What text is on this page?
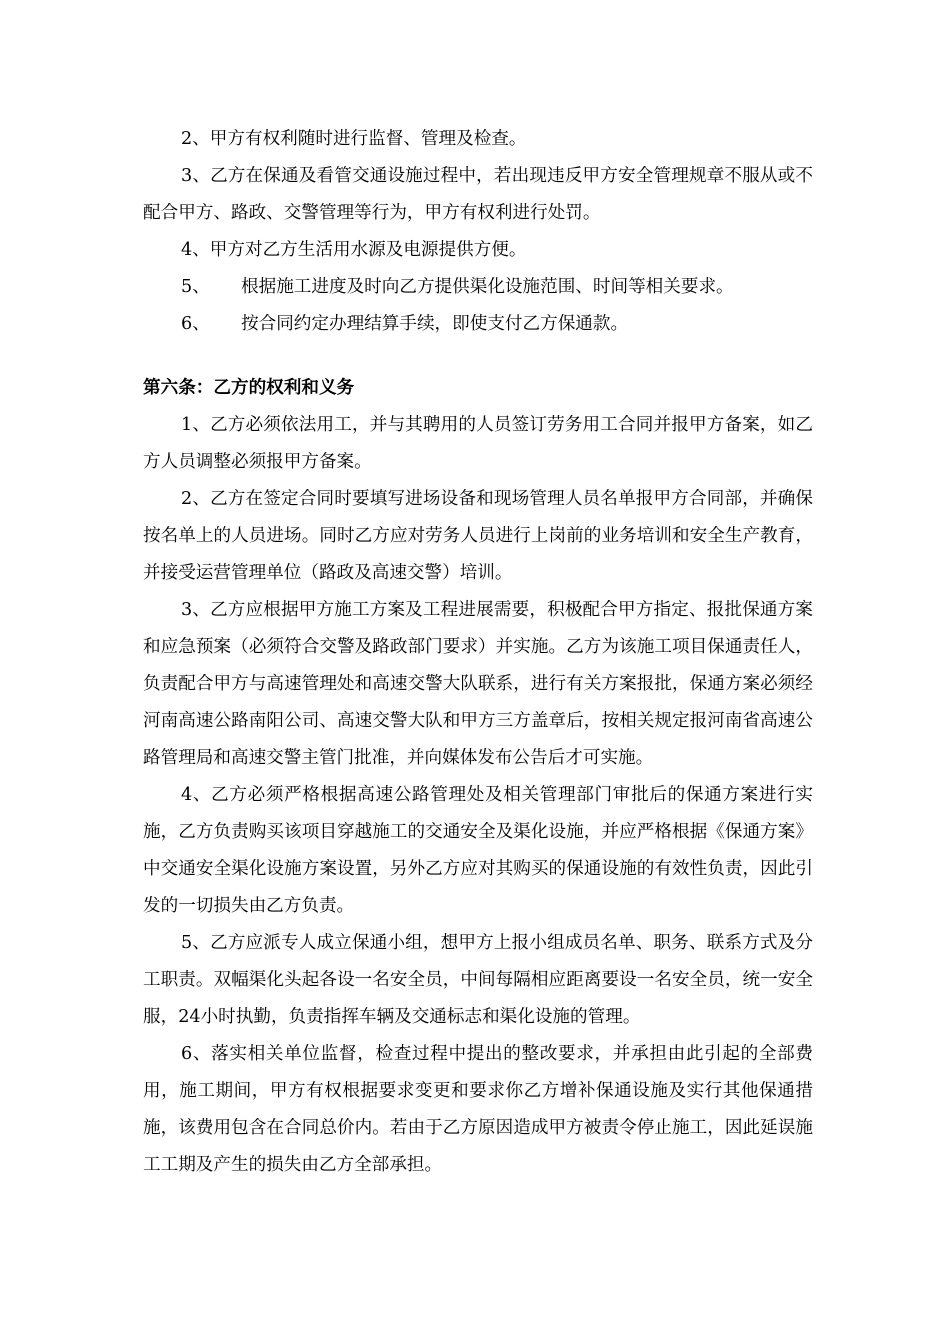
2、甲方有权利随时进行监督、管理及检查。

3、乙方在保通及看管交通设施过程中，若出现违反甲方安全管理规章不服从或不配合甲方、路政、交警管理等行为，甲方有权利进行处罚。

4、甲方对乙方生活用水源及电源提供方便。

5、 根据施工进度及时向乙方提供渠化设施范围、时间等相关要求。

6、 按合同约定办理结算手续，即使支付乙方保通款。

第六条：乙方的权利和义务

1、乙方必须依法用工，并与其聘用的人员签订劳务用工合同并报甲方备案，如乙方人员调整必须报甲方备案。

2、乙方在签定合同时要填写进场设备和现场管理人员名单报甲方合同部，并确保按名单上的人员进场。同时乙方应对劳务人员进行上岗前的业务培训和安全生产教育，并接受运营管理单位（路政及高速交警）培训。

3、乙方应根据甲方施工方案及工程进展需要，积极配合甲方指定、报批保通方案和应急预案（必须符合交警及路政部门要求）并实施。乙方为该施工项目保通责任人，负责配合甲方与高速管理处和高速交警大队联系，进行有关方案报批，保通方案必须经河南高速公路南阳公司、高速交警大队和甲方三方盖章后，按相关规定报河南省高速公路管理局和高速交警主管门批准，并向媒体发布公告后才可实施。

4、乙方必须严格根据高速公路管理处及相关管理部门审批后的保通方案进行实施，乙方负责购买该项目穿越施工的交通安全及渠化设施，并应严格根据《保通方案》中交通安全渠化设施方案设置，另外乙方应对其购买的保通设施的有效性负责，因此引发的一切损失由乙方负责。

5、乙方应派专人成立保通小组，想甲方上报小组成员名单、职务、联系方式及分工职责。双幅渠化头起各设一名安全员，中间每隔相应距离要设一名安全员，统一安全服，24小时执勤，负责指挥车辆及交通标志和渠化设施的管理。

6、落实相关单位监督，检查过程中提出的整改要求，并承担由此引起的全部费用，施工期间，甲方有权根据要求变更和要求你乙方增补保通设施及实行其他保通措施，该费用包含在合同总价内。若由于乙方原因造成甲方被责令停止施工，因此延误施工工期及产生的损失由乙方全部承担。
